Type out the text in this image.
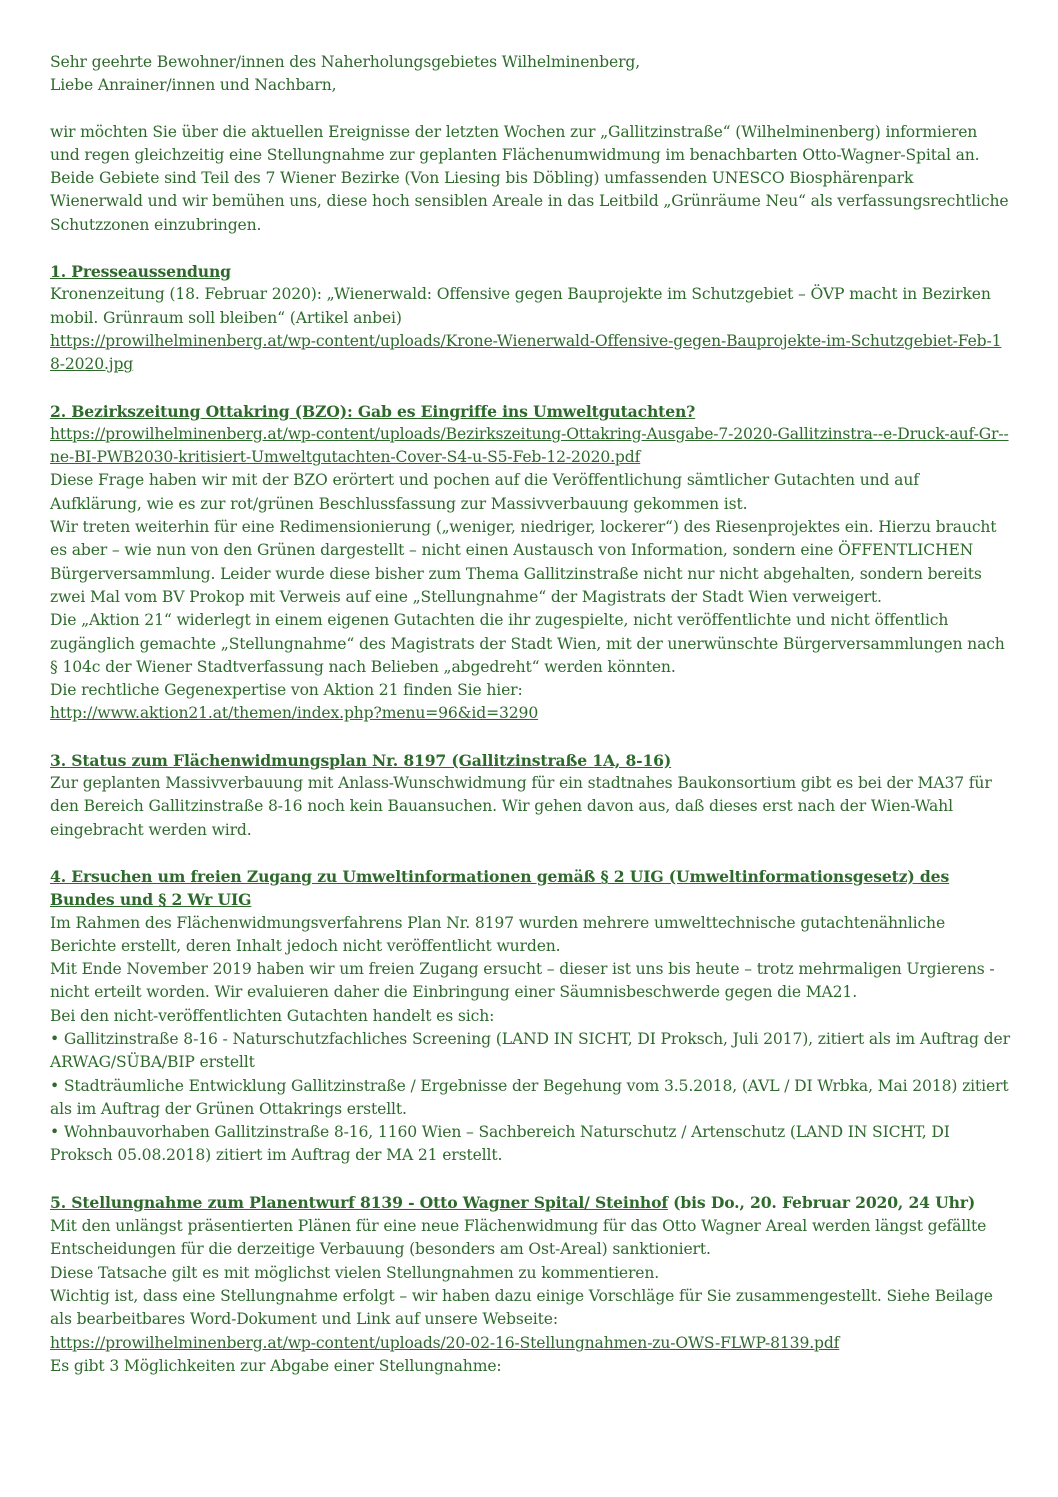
Sehr geehrte Bewohner/innen des Naherholungsgebietes Wilhelminenberg,

Liebe Anrainer/innen und Nachbarn,

wir möchten Sie über die aktuellen Ereignisse der letzten Wochen zur „Gallitzinstraße“ (Wilhelminenberg) informieren und regen gleichzeitig eine Stellungnahme zur geplanten Flächenumwidmung im benachbarten Otto-Wagner-Spital an. Beide Gebiete sind Teil des 7 Wiener Bezirke (Von Liesing bis Döbling) umfassenden UNESCO Biosphärenpark Wienerwald und wir bemühen uns, diese hoch sensiblen Areale in das Leitbild „Grünräume Neu“ als verfassungsrechtliche Schutzzonen einzubringen.

1. Presseaussendung

Kronenzeitung (18. Februar 2020): „Wienerwald: Offensive gegen Bauprojekte im Schutzgebiet – ÖVP macht in Bezirken mobil. Grünraum soll bleiben“ (Artikel anbei)

https://prowilhelminenberg.at/wp-content/uploads/Krone-Wienerwald-Offensive-gegen-Bauprojekte-im-Schutzgebiet-Feb-18-2020.jpg

2. Bezirkszeitung Ottakring (BZO): Gab es Eingriffe ins Umweltgutachten?

https://prowilhelminenberg.at/wp-content/uploads/Bezirkszeitung-Ottakring-Ausgabe-7-2020-Gallitzinstra--e-Druck-auf-Gr--ne-BI-PWB2030-kritisiert-Umweltgutachten-Cover-S4-u-S5-Feb-12-2020.pdf

Diese Frage haben wir mit der BZO erörtert und pochen auf die Veröffentlichung sämtlicher Gutachten und auf Aufklärung, wie es zur rot/grünen Beschlussfassung zur Massivverbauung gekommen ist.

Wir treten weiterhin für eine Redimensionierung („weniger, niedriger, lockerer“) des Riesenprojektes ein. Hierzu braucht es aber – wie nun von den Grünen dargestellt – nicht einen Austausch von Information, sondern eine ÖFFENTLICHEN Bürgerversammlung. Leider wurde diese bisher zum Thema Gallitzinstraße nicht nur nicht abgehalten, sondern bereits zwei Mal vom BV Prokop mit Verweis auf eine „Stellungnahme“ der Magistrats der Stadt Wien verweigert.

Die „Aktion 21“ widerlegt in einem eigenen Gutachten die ihr zugespielte, nicht veröffentlichte und nicht öffentlich zugänglich gemachte „Stellungnahme“ des Magistrats der Stadt Wien, mit der unerwünschte Bürgerversammlungen nach § 104c der Wiener Stadtverfassung nach Belieben „abgedreht“ werden könnten.

Die rechtliche Gegenexpertise von Aktion 21 finden Sie hier:

http://www.aktion21.at/themen/index.php?menu=96&id=3290

3. Status zum Flächenwidmungsplan Nr. 8197 (Gallitzinstraße 1A, 8-16)

Zur geplanten Massivverbauung mit Anlass-Wunschwidmung für ein stadtnahes Baukonsortium gibt es bei der MA37 für den Bereich Gallitzinstraße 8-16 noch kein Bauansuchen. Wir gehen davon aus, daß dieses erst nach der Wien-Wahl eingebracht werden wird.

4. Ersuchen um freien Zugang zu Umweltinformationen gemäß § 2 UIG (Umweltinformationsgesetz) des Bundes und § 2 Wr UIG

Im Rahmen des Flächenwidmungsverfahrens Plan Nr. 8197 wurden mehrere umwelttechnische gutachtenähnliche Berichte erstellt, deren Inhalt jedoch nicht veröffentlicht wurden.

Mit Ende November 2019 haben wir um freien Zugang ersucht – dieser ist uns bis heute – trotz mehrmaligen Urgierens - nicht erteilt worden. Wir evaluieren daher die Einbringung einer Säumnisbeschwerde gegen die MA21.

Bei den nicht-veröffentlichten Gutachten handelt es sich:

• Gallitzinstraße 8-16 - Naturschutzfachliches Screening (LAND IN SICHT, DI Proksch, Juli 2017), zitiert als im Auftrag der ARWAG/SÜBA/BIP erstellt

• Stadträumliche Entwicklung Gallitzinstraße / Ergebnisse der Begehung vom 3.5.2018, (AVL / DI Wrbka, Mai 2018) zitiert als im Auftrag der Grünen Ottakrings erstellt.

• Wohnbauvorhaben Gallitzinstraße 8-16, 1160 Wien – Sachbereich Naturschutz / Artenschutz (LAND IN SICHT, DI Proksch 05.08.2018) zitiert im Auftrag der MA 21 erstellt.

5. Stellungnahme zum Planentwurf 8139 - Otto Wagner Spital/ Steinhof (bis Do., 20. Februar 2020, 24 Uhr)

Mit den unlängst präsentierten Plänen für eine neue Flächenwidmung für das Otto Wagner Areal werden längst gefällte Entscheidungen für die derzeitige Verbauung (besonders am Ost-Areal) sanktioniert.

Diese Tatsache gilt es mit möglichst vielen Stellungnahmen zu kommentieren.

Wichtig ist, dass eine Stellungnahme erfolgt – wir haben dazu einige Vorschläge für Sie zusammengestellt. Siehe Beilage als bearbeitbares Word-Dokument und Link auf unsere Webseite:

https://prowilhelminenberg.at/wp-content/uploads/20-02-16-Stellungnahmen-zu-OWS-FLWP-8139.pdf

Es gibt 3 Möglichkeiten zur Abgabe einer Stellungnahme:
